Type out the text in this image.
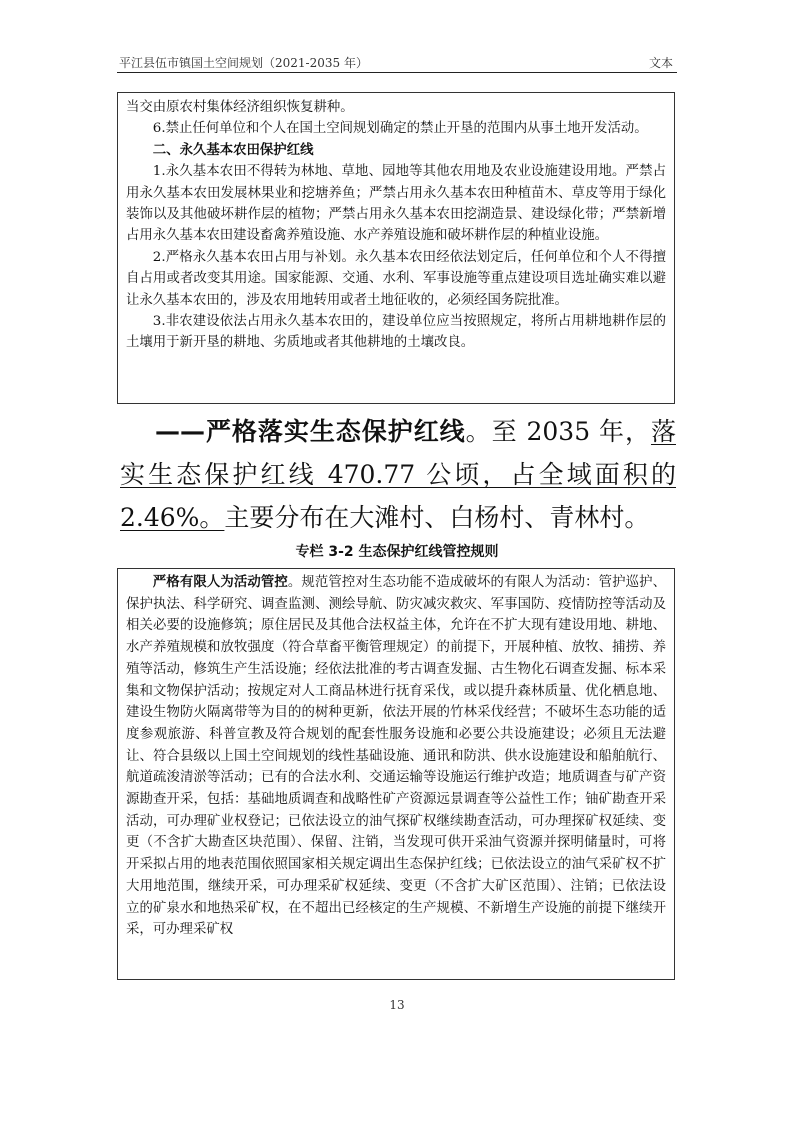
平江县伍市镇国土空间规划（2021-2035 年）	文本

当交由原农村集体经济组织恢复耕种。

6.禁止任何单位和个人在国土空间规划确定的禁止开垦的范围内从事土地开发活动。

二、永久基本农田保护红线

1.永久基本农田不得转为林地、草地、园地等其他农用地及农业设施建设用地。严禁占用永久基本农田发展林果业和挖塘养鱼；严禁占用永久基本农田种植苗木、草皮等用于绿化装饰以及其他破坏耕作层的植物；严禁占用永久基本农田挖湖造景、建设绿化带；严禁新增占用永久基本农田建设畜禽养殖设施、水产养殖设施和破坏耕作层的种植业设施。

2.严格永久基本农田占用与补划。永久基本农田经依法划定后，任何单位和个人不得擅自占用或者改变其用途。国家能源、交通、水利、军事设施等重点建设项目选址确实难以避让永久基本农田的，涉及农用地转用或者土地征收的，必须经国务院批准。

3.非农建设依法占用永久基本农田的，建设单位应当按照规定，将所占用耕地耕作层的土壤用于新开垦的耕地、劣质地或者其他耕地的土壤改良。

——严格落实生态保护红线。至 2035 年，落实生态保护红线 470.77 公顷，占全域面积的 2.46%。主要分布在大滩村、白杨村、青林村。

专栏 3-2 生态保护红线管控规则

严格有限人为活动管控。规范管控对生态功能不造成破坏的有限人为活动：管护巡护、保护执法、科学研究、调查监测、测绘导航、防灾减灾救灾、军事国防、疫情防控等活动及相关必要的设施修筑；原住居民及其他合法权益主体，允许在不扩大现有建设用地、耕地、水产养殖规模和放牧强度（符合草畜平衡管理规定）的前提下，开展种植、放牧、捕捞、养殖等活动，修筑生产生活设施；经依法批准的考古调查发掘、古生物化石调查发掘、标本采集和文物保护活动；按规定对人工商品林进行抚育采伐，或以提升森林质量、优化栖息地、建设生物防火隔离带等为目的的树种更新，依法开展的竹林采伐经营；不破坏生态功能的适度参观旅游、科普宣教及符合规划的配套性服务设施和必要公共设施建设；必须且无法避让、符合县级以上国土空间规划的线性基础设施、通讯和防洪、供水设施建设和船舶航行、航道疏浚清淤等活动；已有的合法水利、交通运输等设施运行维护改造；地质调查与矿产资源勘查开采，包括：基础地质调查和战略性矿产资源远景调查等公益性工作；铀矿勘查开采活动，可办理矿业权登记；已依法设立的油气探矿权继续勘查活动，可办理探矿权延续、变更（不含扩大勘查区块范围）、保留、注销，当发现可供开采油气资源并探明储量时，可将开采拟占用的地表范围依照国家相关规定调出生态保护红线；已依法设立的油气采矿权不扩大用地范围，继续开采，可办理采矿权延续、变更（不含扩大矿区范围）、注销；已依法设立的矿泉水和地热采矿权，在不超出已经核定的生产规模、不新增生产设施的前提下继续开采，可办理采矿权

13
